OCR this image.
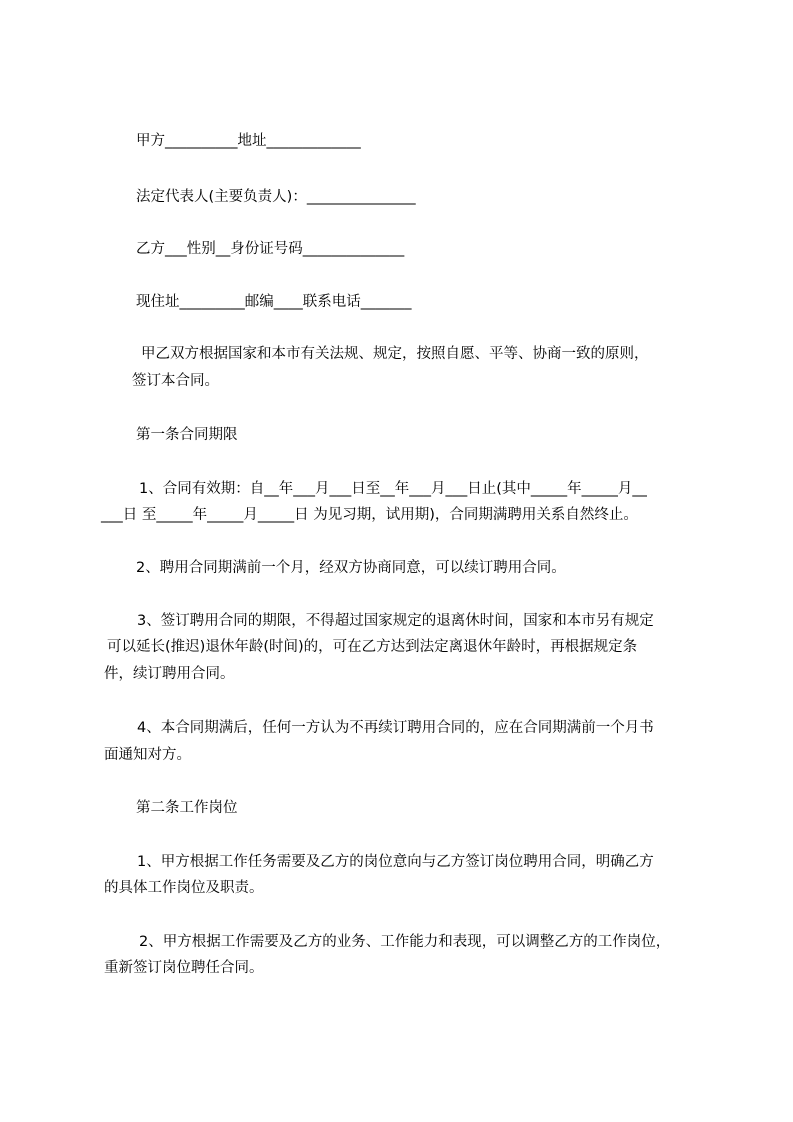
甲方__________地址_____________
法定代表人(主要负责人)：_______________
乙方___性别__身份证号码______________
现住址_________邮编____联系电话_______
甲乙双方根据国家和本市有关法规、规定，按照自愿、平等、协商一致的原则，
签订本合同。
第一条合同期限
1、合同有效期：自__年___月___日至__年___月___日止(其中_____年_____月__
___日 至_____年_____月_____日 为见习期，试用期)，合同期满聘用关系自然终止。
2、聘用合同期满前一个月，经双方协商同意，可以续订聘用合同。
3、签订聘用合同的期限，不得超过国家规定的退离休时间，国家和本市另有规定
可以延长(推迟)退休年龄(时间)的，可在乙方达到法定离退休年龄时，再根据规定条
件，续订聘用合同。
4、本合同期满后，任何一方认为不再续订聘用合同的，应在合同期满前一个月书
面通知对方。
第二条工作岗位
1、甲方根据工作任务需要及乙方的岗位意向与乙方签订岗位聘用合同，明确乙方
的具体工作岗位及职责。
2、甲方根据工作需要及乙方的业务、工作能力和表现，可以调整乙方的工作岗位，
重新签订岗位聘任合同。
